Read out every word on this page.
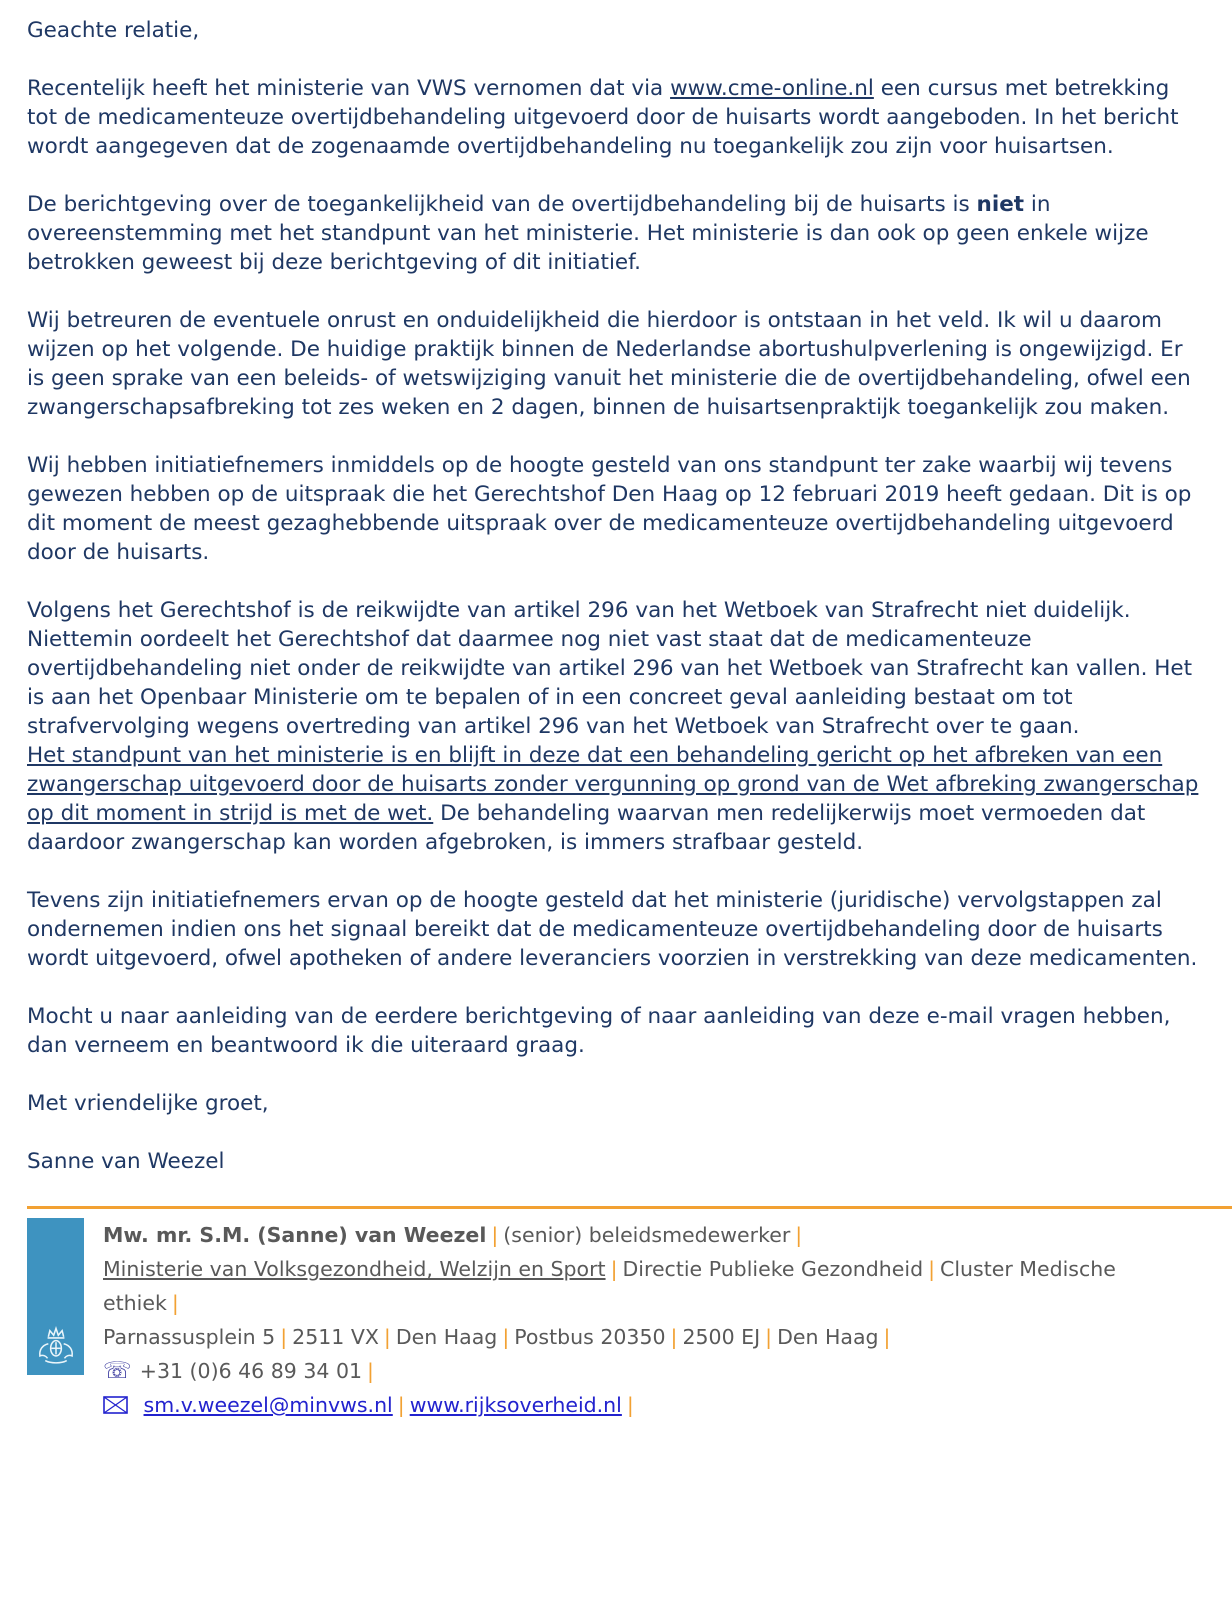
Geachte relatie,

Recentelijk heeft het ministerie van VWS vernomen dat via www.cme-online.nl een cursus met betrekking tot de medicamenteuze overtijdbehandeling uitgevoerd door de huisarts wordt aangeboden. In het bericht wordt aangegeven dat de zogenaamde overtijdbehandeling nu toegankelijk zou zijn voor huisartsen.

De berichtgeving over de toegankelijkheid van de overtijdbehandeling bij de huisarts is niet in overeenstemming met het standpunt van het ministerie. Het ministerie is dan ook op geen enkele wijze betrokken geweest bij deze berichtgeving of dit initiatief.

Wij betreuren de eventuele onrust en onduidelijkheid die hierdoor is ontstaan in het veld. Ik wil u daarom wijzen op het volgende. De huidige praktijk binnen de Nederlandse abortushulpverlening is ongewijzigd. Er is geen sprake van een beleids- of wetswijziging vanuit het ministerie die de overtijdbehandeling, ofwel een zwangerschapsafbreking tot zes weken en 2 dagen, binnen de huisartsenpraktijk toegankelijk zou maken.

Wij hebben initiatiefnemers inmiddels op de hoogte gesteld van ons standpunt ter zake waarbij wij tevens gewezen hebben op de uitspraak die het Gerechtshof Den Haag op 12 februari 2019 heeft gedaan. Dit is op dit moment de meest gezaghebbende uitspraak over de medicamenteuze overtijdbehandeling uitgevoerd door de huisarts.

Volgens het Gerechtshof is de reikwijdte van artikel 296 van het Wetboek van Strafrecht niet duidelijk. Niettemin oordeelt het Gerechtshof dat daarmee nog niet vast staat dat de medicamenteuze overtijdbehandeling niet onder de reikwijdte van artikel 296 van het Wetboek van Strafrecht kan vallen. Het is aan het Openbaar Ministerie om te bepalen of in een concreet geval aanleiding bestaat om tot strafvervolging wegens overtreding van artikel 296 van het Wetboek van Strafrecht over te gaan.
Het standpunt van het ministerie is en blijft in deze dat een behandeling gericht op het afbreken van een zwangerschap uitgevoerd door de huisarts zonder vergunning op grond van de Wet afbreking zwangerschap op dit moment in strijd is met de wet. De behandeling waarvan men redelijkerwijs moet vermoeden dat daardoor zwangerschap kan worden afgebroken, is immers strafbaar gesteld.

Tevens zijn initiatiefnemers ervan op de hoogte gesteld dat het ministerie (juridische) vervolgstappen zal ondernemen indien ons het signaal bereikt dat de medicamenteuze overtijdbehandeling door de huisarts wordt uitgevoerd, ofwel apotheken of andere leveranciers voorzien in verstrekking van deze medicamenten.

Mocht u naar aanleiding van de eerdere berichtgeving of naar aanleiding van deze e-mail vragen hebben, dan verneem en beantwoord ik die uiteraard graag.

Met vriendelijke groet,

Sanne van Weezel

Mw. mr. S.M. (Sanne) van Weezel | (senior) beleidsmedewerker |
Ministerie van Volksgezondheid, Welzijn en Sport | Directie Publieke Gezondheid | Cluster Medische ethiek |
Parnassusplein 5 | 2511 VX | Den Haag | Postbus 20350 | 2500 EJ | Den Haag |
☏ +31 (0)6 46 89 34 01 |
sm.v.weezel@minvws.nl | www.rijksoverheid.nl |
